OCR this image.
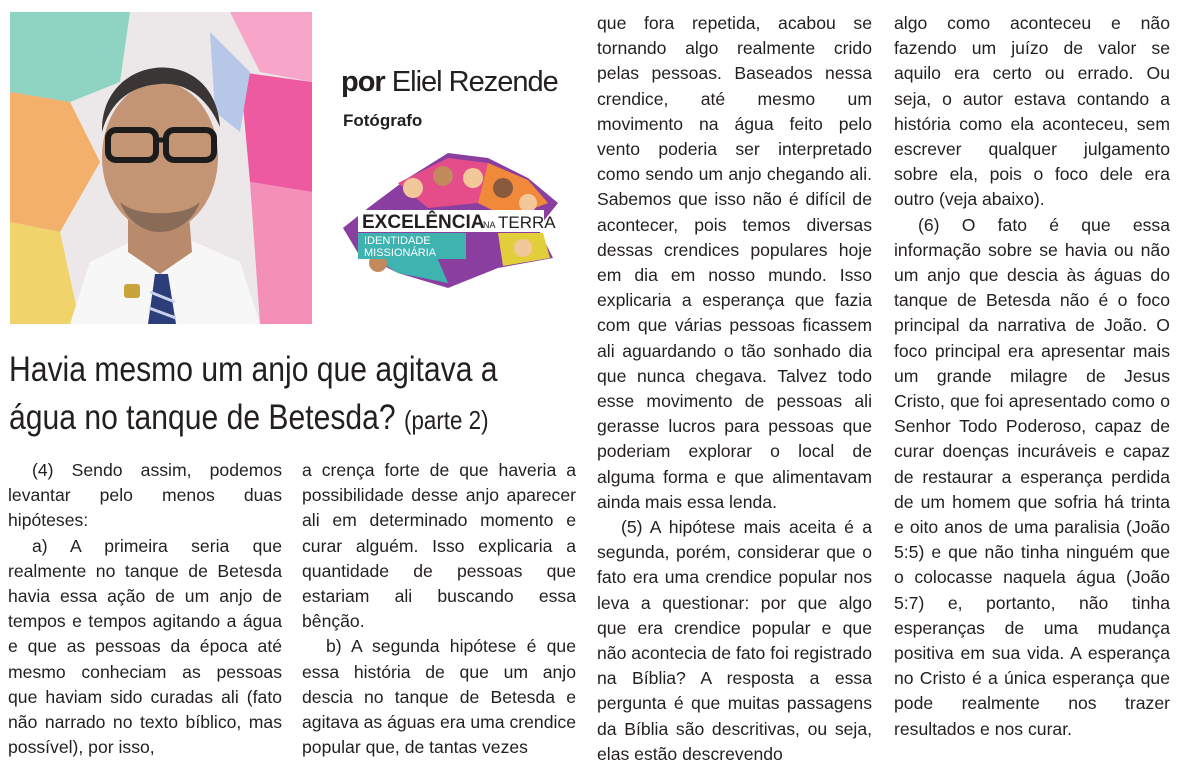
por Eliel Rezende
Fotógrafo
EXCELÊNCIA
NA TERRA
IDENTIDADE
MISSIONÁRIA
Havia mesmo um anjo que agitava a
água no tanque de Betesda? (parte 2)

(4) Sendo assim, podemos levantar pelo menos duas hipóteses:

a) A primeira seria que realmente no tanque de Betesda havia essa ação de um anjo de tempos e tempos agitando a água e que as pessoas da época até mesmo conheciam as pessoas que haviam sido curadas ali (fato não narrado no texto bíblico, mas possível), por isso,

a crença forte de que haveria a possibilidade desse anjo aparecer ali em determinado momento e curar alguém. Isso explicaria a quantidade de pessoas que estariam ali buscando essa bênção.

b) A segunda hipótese é que essa história de que um anjo descia no tanque de Betesda e agitava as águas era uma crendice popular que, de tantas vezes

que fora repetida, acabou se tornando algo realmente crido pelas pessoas. Baseados nessa crendice, até mesmo um movimento na água feito pelo vento poderia ser interpretado como sendo um anjo chegando ali. Sabemos que isso não é difícil de acontecer, pois temos diversas dessas crendices populares hoje em dia em nosso mundo. Isso explicaria a esperança que fazia com que várias pessoas ficassem ali aguardando o tão sonhado dia que nunca chegava. Talvez todo esse movimento de pessoas ali gerasse lucros para pessoas que poderiam explorar o local de alguma forma e que alimentavam ainda mais essa lenda.

(5) A hipótese mais aceita é a segunda, porém, considerar que o fato era uma crendice popular nos leva a questionar: por que algo que era crendice popular e que não acontecia de fato foi registrado na Bíblia? A resposta a essa pergunta é que muitas passagens da Bíblia são descritivas, ou seja, elas estão descrevendo

algo como aconteceu e não fazendo um juízo de valor se aquilo era certo ou errado. Ou seja, o autor estava contando a história como ela aconteceu, sem escrever qualquer julgamento sobre ela, pois o foco dele era outro (veja abaixo).

(6) O fato é que essa informação sobre se havia ou não um anjo que descia às águas do tanque de Betesda não é o foco principal da narrativa de João. O foco principal era apresentar mais um grande milagre de Jesus Cristo, que foi apresentado como o Senhor Todo Poderoso, capaz de curar doenças incuráveis e capaz de restaurar a esperança perdida de um homem que sofria há trinta e oito anos de uma paralisia (João 5:5) e que não tinha ninguém que o colocasse naquela água (João 5:7) e, portanto, não tinha esperanças de uma mudança positiva em sua vida. A esperança no Cristo é a única esperança que pode realmente nos trazer resultados e nos curar.
